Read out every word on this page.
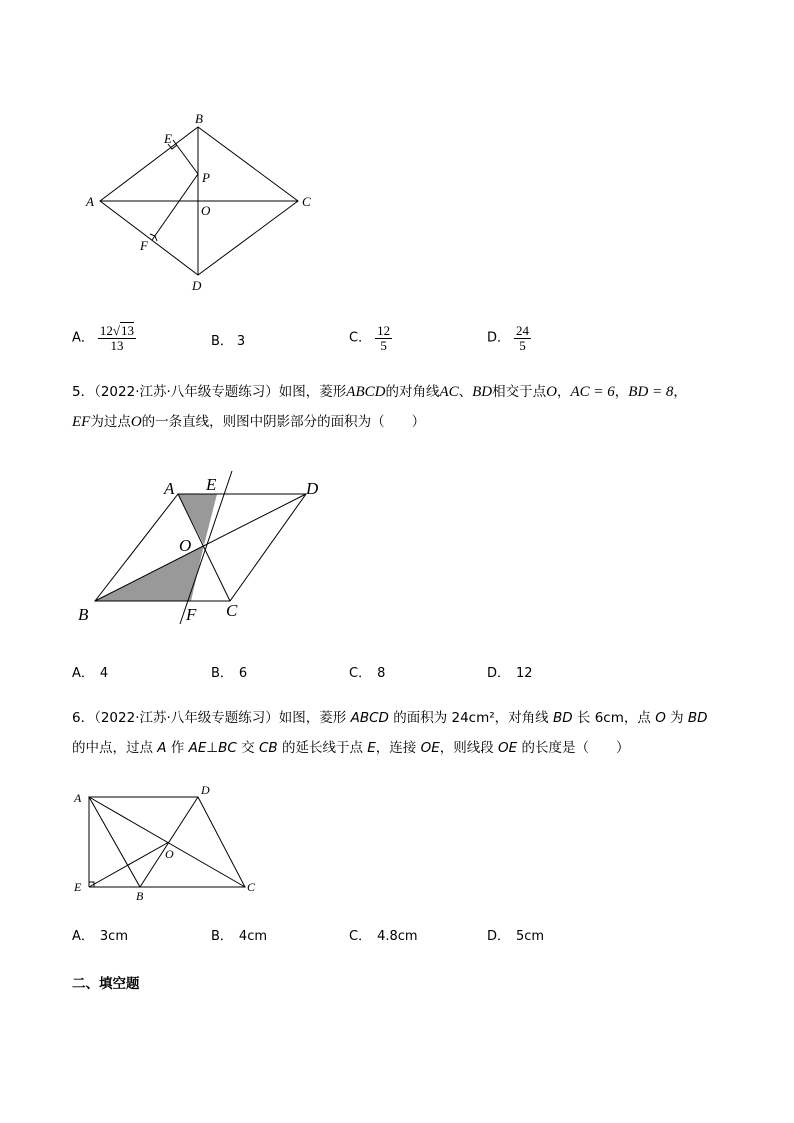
A
B
C
D
E
F
O
P
A． $\frac{12√13}{13}$	B． 3	C． $\frac{12}{5}$	D． $\frac{24}{5}$
5．（2022·江苏·八年级专题练习）如图，菱形ABCD的对角线AC、BD相交于点O，AC = 6，BD = 8，
EF为过点O的一条直线，则图中阴影部分的面积为（　　）
A E	D
O
B	F C
A． 4	B． 6	C． 8	D． 12
6．（2022·江苏·八年级专题练习）如图，菱形 ABCD 的面积为 24cm²，对角线 BD 长 6cm，点 O 为 BD
的中点，过点 A 作 AE⊥BC 交 CB 的延长线于点 E，连接 OE，则线段 OE 的长度是（　　）
A
D
O
E
B
C
A． 3cm	B． 4cm	C． 4.8cm	D． 5cm
二、填空题
